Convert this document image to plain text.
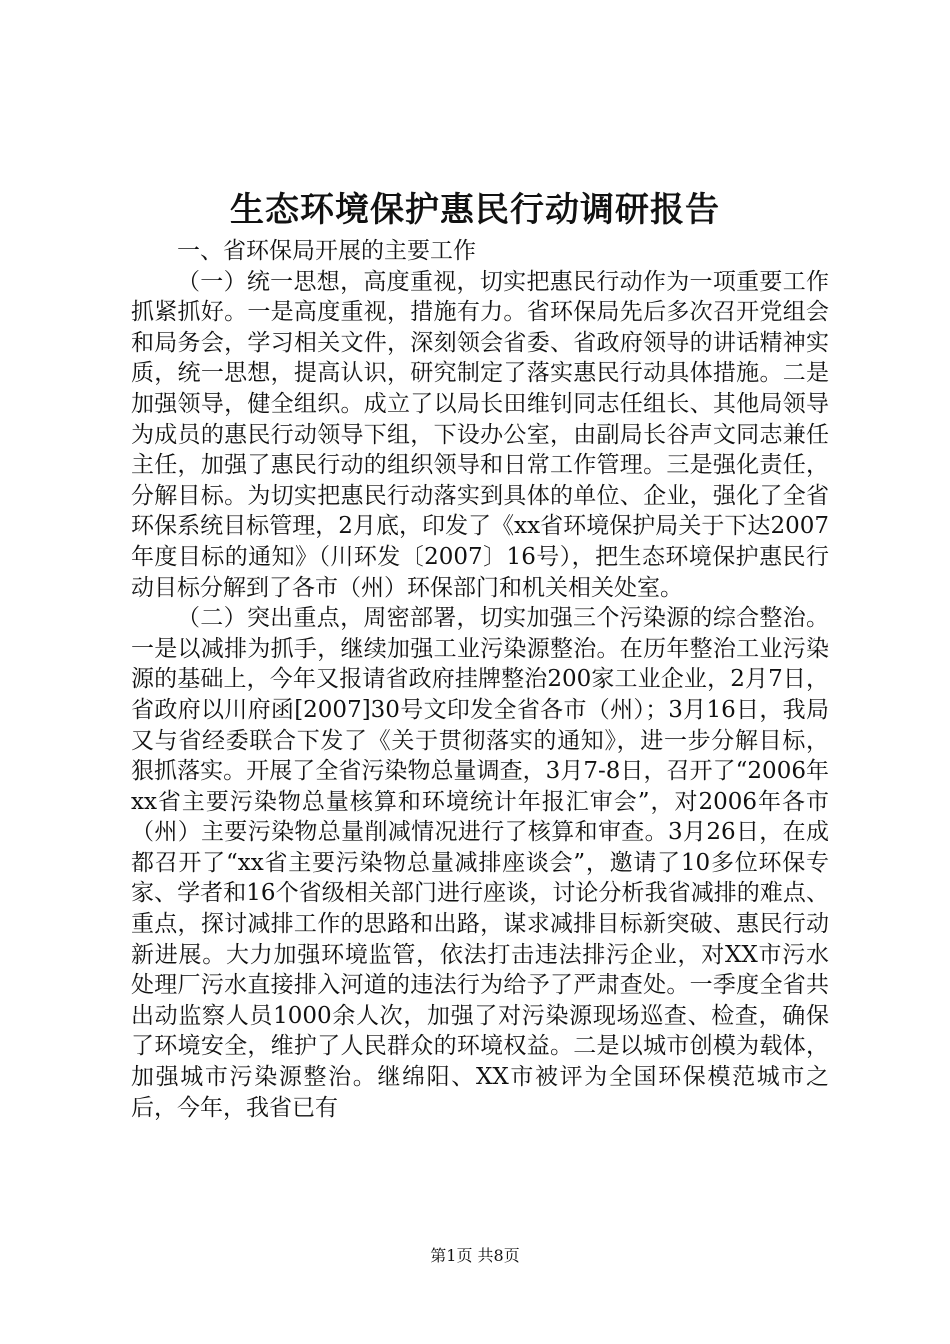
生态环境保护惠民行动调研报告

一、省环保局开展的主要工作

（一）统一思想，高度重视，切实把惠民行动作为一项重要工作抓紧抓好。一是高度重视，措施有力。省环保局先后多次召开党组会和局务会，学习相关文件，深刻领会省委、省政府领导的讲话精神实质，统一思想，提高认识，研究制定了落实惠民行动具体措施。二是加强领导，健全组织。成立了以局长田维钊同志任组长、其他局领导为成员的惠民行动领导下组，下设办公室，由副局长谷声文同志兼任主任，加强了惠民行动的组织领导和日常工作管理。三是强化责任，分解目标。为切实把惠民行动落实到具体的单位、企业，强化了全省环保系统目标管理，2月底，印发了《xx省环境保护局关于下达2007年度目标的通知》（川环发〔2007〕16号），把生态环境保护惠民行动目标分解到了各市（州）环保部门和机关相关处室。

（二）突出重点，周密部署，切实加强三个污染源的综合整治。一是以减排为抓手，继续加强工业污染源整治。在历年整治工业污染源的基础上，今年又报请省政府挂牌整治200家工业企业，2月7日，省政府以川府函[2007]30号文印发全省各市（州）；3月16日，我局又与省经委联合下发了《关于贯彻落实的通知》，进一步分解目标，狠抓落实。开展了全省污染物总量调查，3月7-8日，召开了“2006年xx省主要污染物总量核算和环境统计年报汇审会”，对2006年各市（州）主要污染物总量削减情况进行了核算和审查。3月26日，在成都召开了“xx省主要污染物总量减排座谈会”，邀请了10多位环保专家、学者和16个省级相关部门进行座谈，讨论分析我省减排的难点、重点，探讨减排工作的思路和出路，谋求减排目标新突破、惠民行动新进展。大力加强环境监管，依法打击违法排污企业，对XX市污水处理厂污水直接排入河道的违法行为给予了严肃查处。一季度全省共出动监察人员1000余人次，加强了对污染源现场巡查、检查，确保了环境安全，维护了人民群众的环境权益。二是以城市创模为载体，加强城市污染源整治。继绵阳、XX市被评为全国环保模范城市之后，今年，我省已有

第1页 共8页
